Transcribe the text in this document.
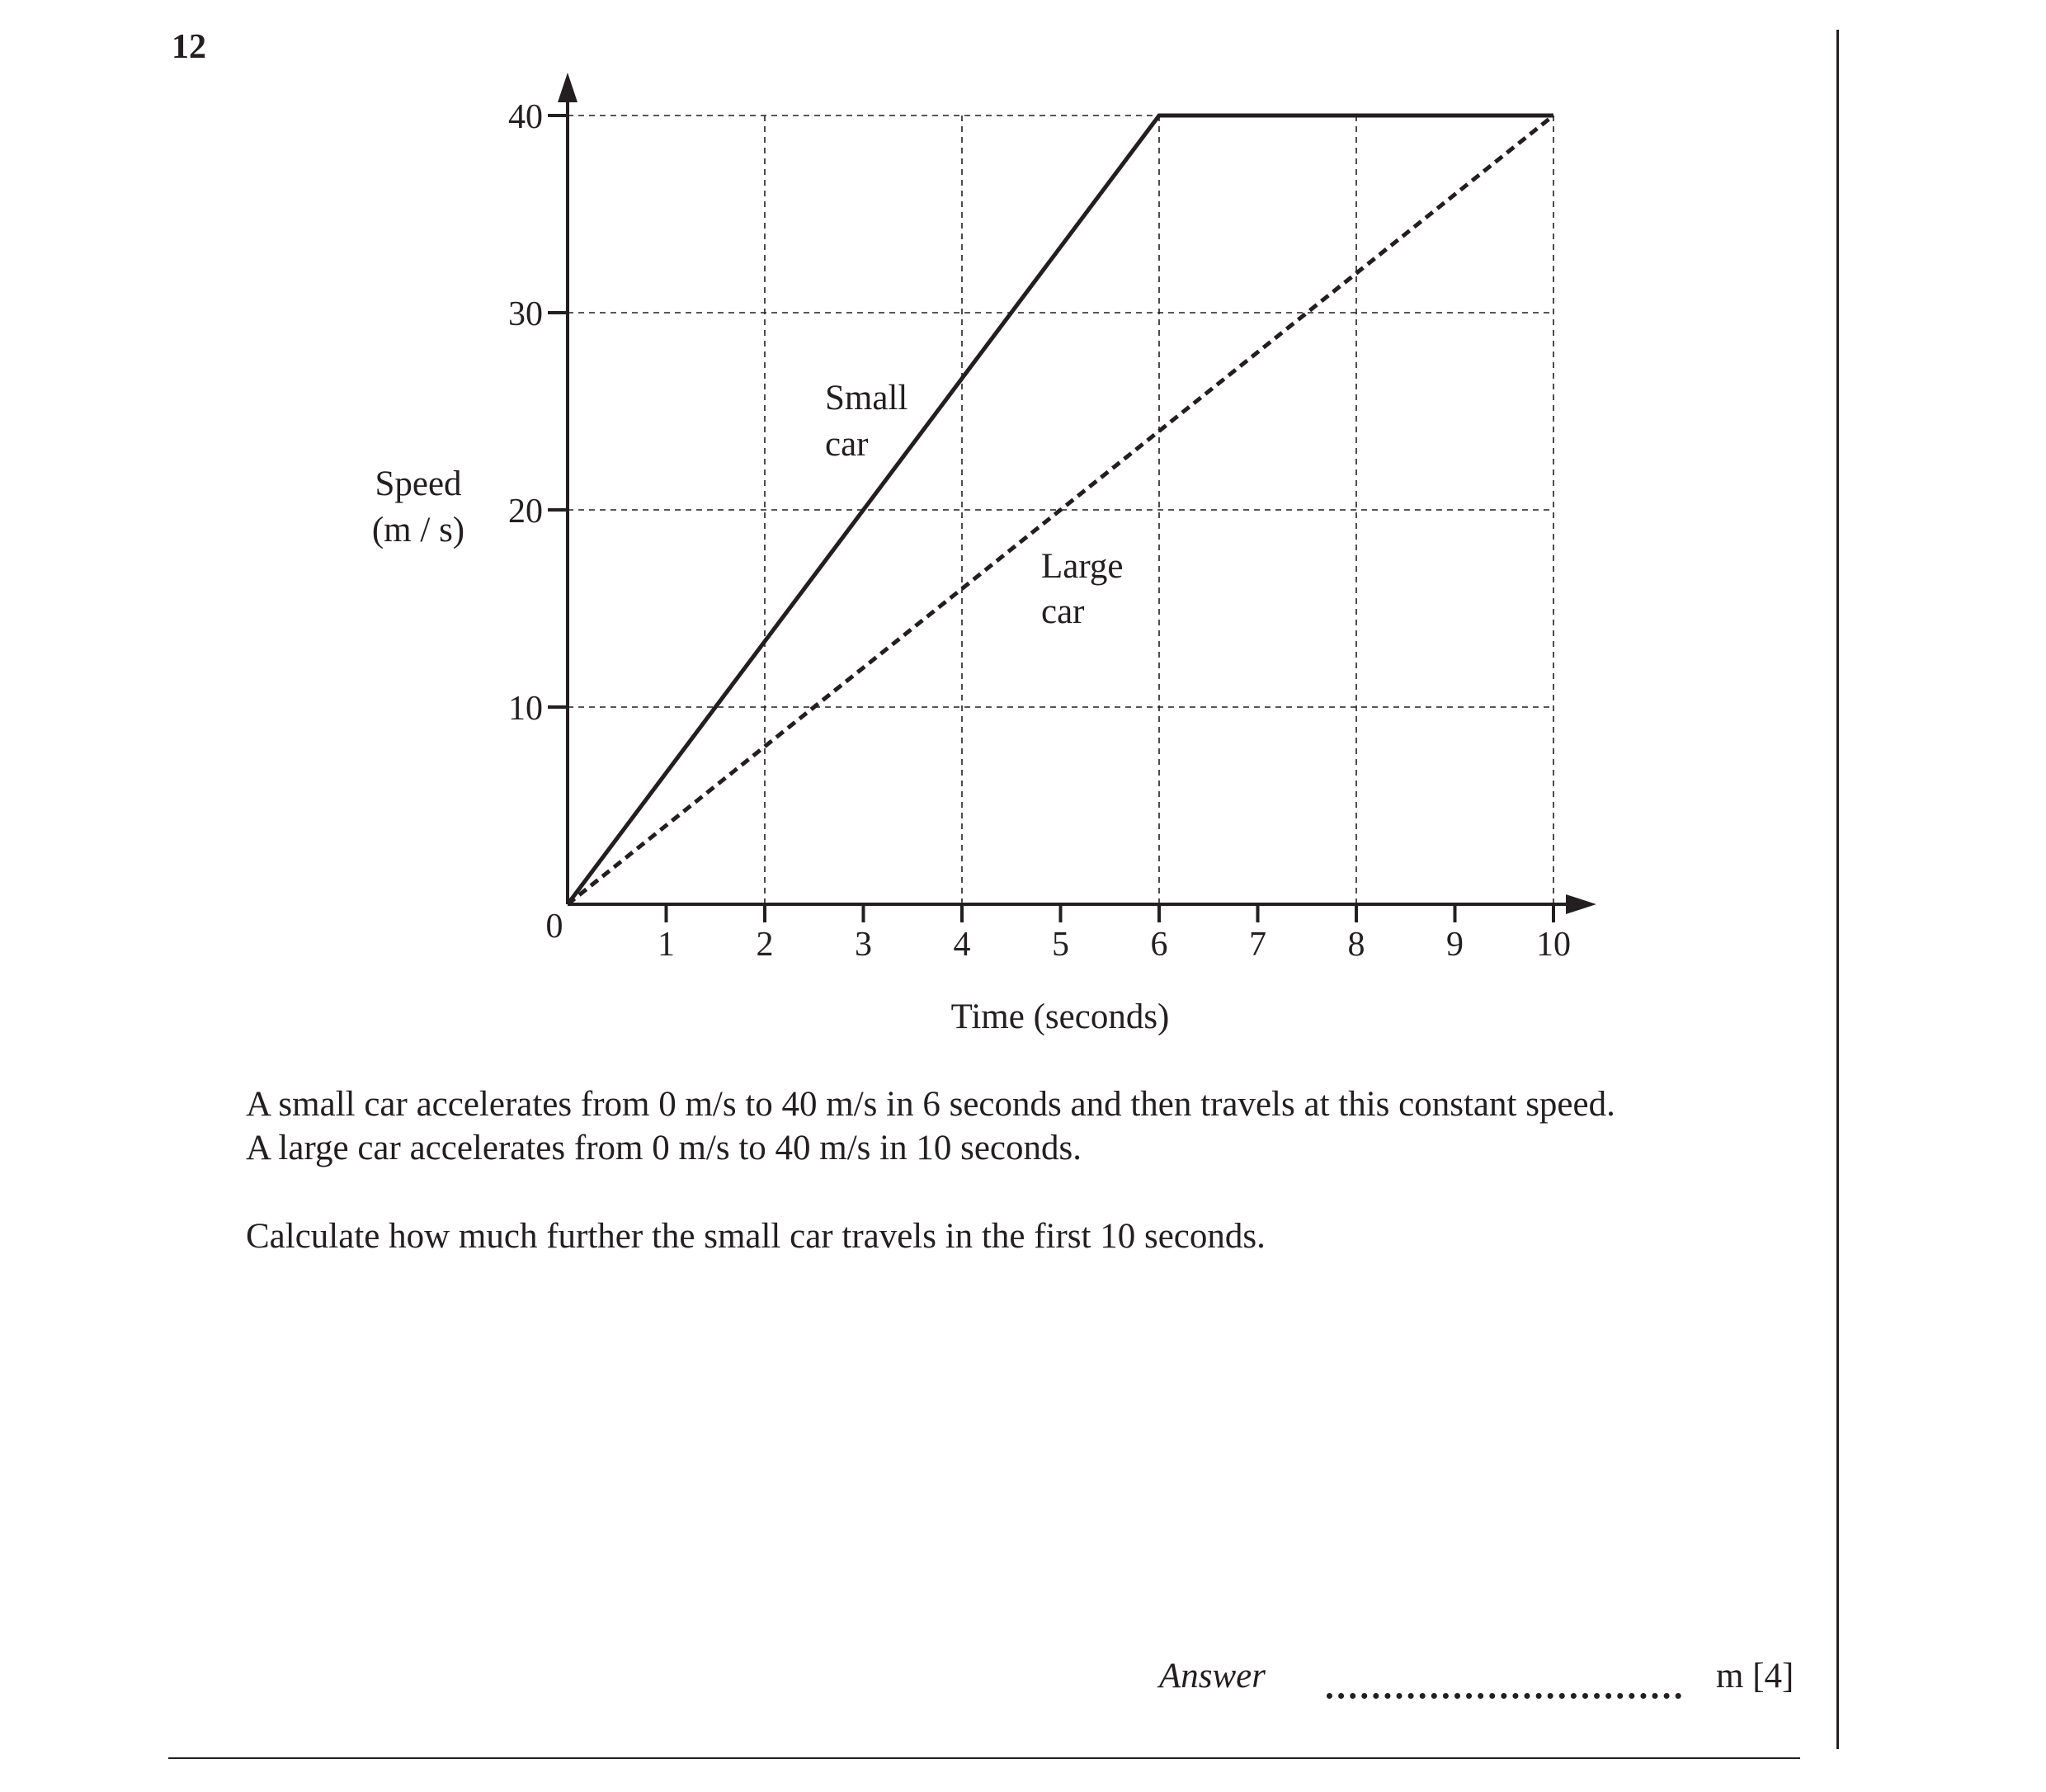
12
1 2 3 4 5 6 7 8 9 10
10
20
30
40
0
Time (seconds)
Speed
(m / s)
Small
car
Large
car
A small car accelerates from 0 m/s to 40 m/s in 6 seconds and then travels at this constant speed.
A large car accelerates from 0 m/s to 40 m/s in 10 seconds.
Calculate how much further the small car travels in the first 10 seconds.
Answer	m [4]
